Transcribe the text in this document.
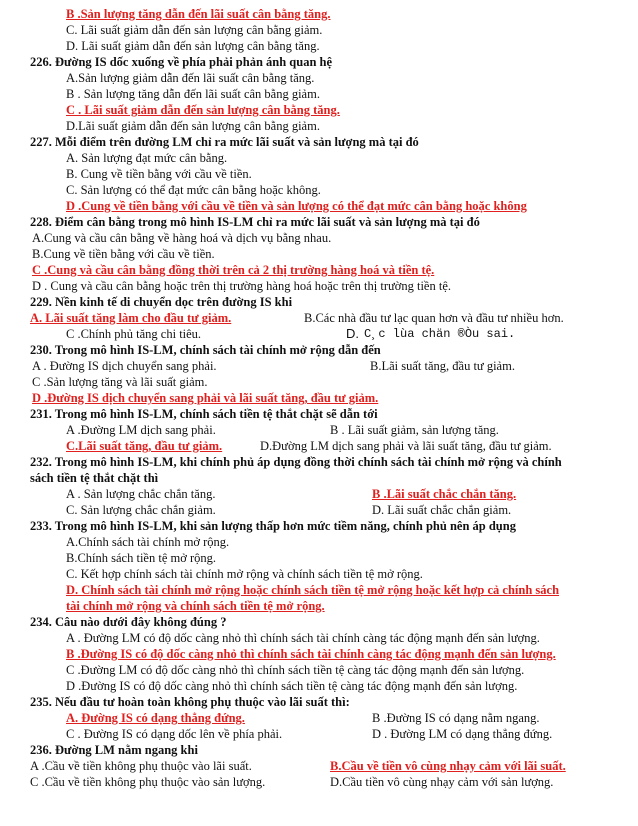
B .Sản lượng tăng dẫn đến lãi suất cân bằng tăng.
C. Lãi suất giảm dẫn đến sản lượng cân bằng giảm.
D. Lãi suất giảm dẫn đến sản lượng cân bằng tăng.
226. Đường IS dốc xuống về phía phải phản ánh quan hệ
A.Sản lượng giảm dẫn đến lãi suất cân bằng tăng.
B . Sản lượng tăng dẫn đến lãi suất cân bằng giảm.
C . Lãi suất giảm dẫn đến sản lượng cân bằng tăng.
D.Lãi suất giảm dẫn đến sản lượng cân bằng giảm.
227. Mỗi điểm trên đường LM chỉ ra mức lãi suất và sản lượng mà tại đó
A. Sản lượng đạt mức cân bằng.
B. Cung về tiền bằng với cầu về tiền.
C. Sản lượng có thể đạt mức cân bằng hoặc không.
D .Cung về tiền bằng với cầu về tiền và sản lượng có thể đạt mức cân bằng hoặc không
228. Điểm cân bằng trong mô hình IS-LM chỉ ra mức lãi suất và sản lượng mà tại đó
A.Cung và cầu cân bằng về hàng hoá và dịch vụ bằng nhau.
B.Cung về tiền bằng với cầu về tiền.
C .Cung và cầu cân bằng đồng thời trên cả 2 thị trường hàng hoá và tiền tệ.
D . Cung và cầu cân bằng hoặc trên thị trường hàng hoá hoặc trên thị trường tiền tệ.
229. Nền kinh tế di chuyển dọc trên đường IS khi
A. Lãi suất tăng làm cho đầu tư giảm.	B.Các nhà đầu tư lạc quan hơn và đầu tư nhiều hơn.
C .Chính phủ tăng chi tiêu.	D. C¸c lùa chän ®Òu sai.
230. Trong mô hình IS-LM, chính sách tài chính mở rộng dẫn đến
A . Đường IS dịch chuyển sang phải.	B.Lãi suất tăng, đầu tư giảm.
C .Sản lượng tăng và lãi suất giảm.
D .Đường IS dịch chuyển sang phải và lãi suất tăng, đầu tư giảm.
231. Trong mô hình IS-LM, chính sách tiền tệ thắt chặt sẽ dẫn tới
A .Đường LM dịch sang phải.	B . Lãi suất giảm, sản lượng tăng.
C.Lãi suất tăng, đầu tư giảm.	D.Đường LM dịch sang phải và lãi suất tăng, đầu tư giảm.
232. Trong mô hình IS-LM, khi chính phủ áp dụng đồng thời chính sách tài chính mở rộng và chính
sách tiền tệ thắt chặt thì
A . Sản lượng chắc chắn tăng.	B .Lãi suất chắc chắn tăng.
C. Sản lượng chắc chắn giảm.	D. Lãi suất chắc chắn giảm.
233. Trong mô hình IS-LM, khi sản lượng thấp hơn mức tiềm năng, chính phủ nên áp dụng
A.Chính sách tài chính mở rộng.
B.Chính sách tiền tệ mở rộng.
C. Kết hợp chính sách tài chính mở rộng và chính sách tiền tệ mở rộng.
D. Chính sách tài chính mở rộng hoặc chính sách tiền tệ mở rộng hoặc kết hợp cả chính sách
tài chính mở rộng và chính sách tiền tệ mở rộng.
234. Câu nào dưới đây không đúng ?
A . Đường LM có độ dốc càng nhỏ thì chính sách tài chính càng tác động mạnh đến sản lượng.
B .Đường IS có độ dốc càng nhỏ thì chính sách tài chính càng tác động mạnh đến sản lượng.
C .Đường LM có độ dốc càng nhỏ thì chính sách tiền tệ càng tác động mạnh đến sản lượng.
D .Đường IS có độ dốc càng nhỏ thì chính sách tiền tệ càng tác động mạnh đến sản lượng.
235. Nếu đầu tư hoàn toàn không phụ thuộc vào lãi suất thì:
A. Đường IS có dạng thẳng đứng.	B .Đường IS có dạng nằm ngang.
C . Đường IS có dạng dốc lên về phía phải.	D . Đường LM có dạng thẳng đứng.
236. Đường LM nằm ngang khi
A .Cầu về tiền không phụ thuộc vào lãi suất.	B.Cầu về tiền vô cùng nhạy cảm với lãi suất.
C .Cầu về tiền không phụ thuộc vào sản lượng.	D.Cầu tiền vô cùng nhạy cảm với sản lượng.
